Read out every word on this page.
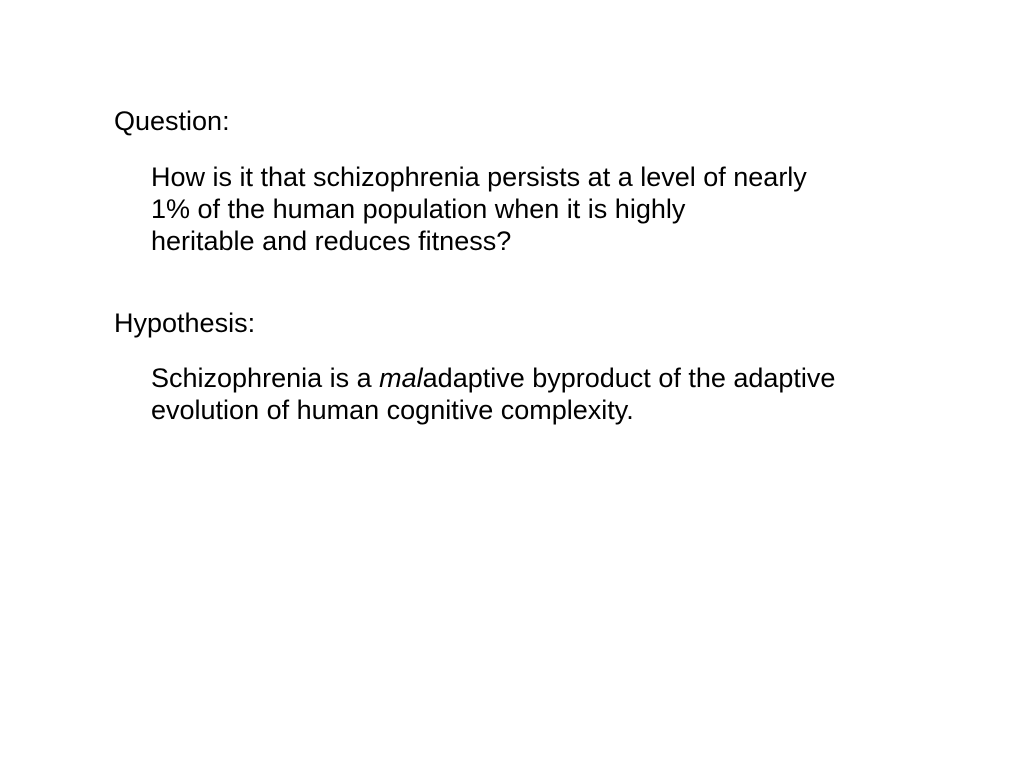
Question:
How is it that schizophrenia persists at a level of nearly
1% of the human population when it is highly
heritable and reduces fitness?
Hypothesis:
Schizophrenia is a maladaptive byproduct of the adaptive
evolution of human cognitive complexity.
